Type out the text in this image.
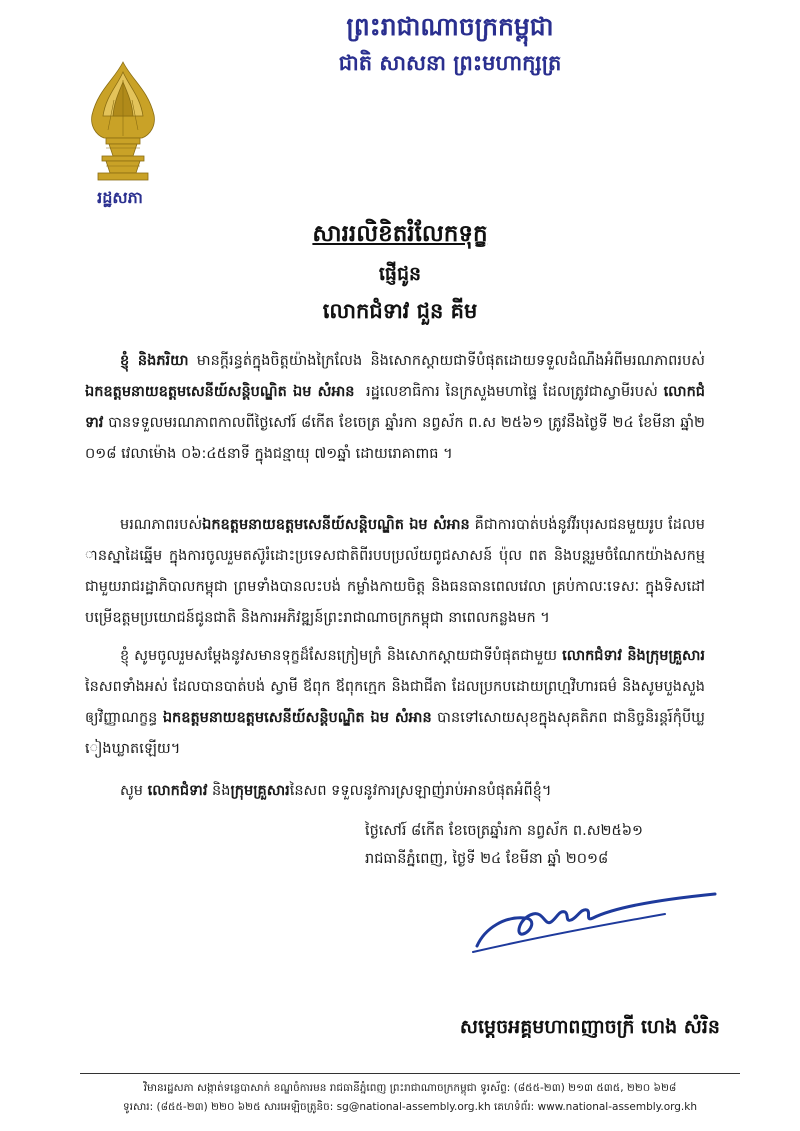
ព្រះរាជាណាចក្រកម្ពុជា
ជាតិ សាសនា ព្រះមហាក្សត្រ
រដ្ឋសភា
សាររលិខិតរំលែកទុក្ខ
ផ្ញើជូន
លោកជំទាវ ជួន គីម
ខ្ញុំ និងភរិយា មានក្តីរន្ធត់ក្នុងចិត្តយ៉ាងក្រៃលែង និងសោកស្តាយជាទីបំផុតដោយទទួលដំណឹងអំពីមរណភាពរបស់ ឯកឧត្តមនាយឧត្តមសេនីយ៍សន្តិបណ្ឌិត ឯម សំអាន ​ រដ្ឋលេខាធិការ នៃក្រសួងមហាផ្ទៃ ដែលត្រូវជាស្វាមីរបស់ លោកជំទាវ បានទទួលមរណភាពកាលពីថ្ងៃសៅរ៍ ៨កើត ខែចេត្រ ឆ្នាំរកា នព្វស័ក ព.ស ២៥៦១ ត្រូវនឹងថ្ងៃទី ២៤ ខែមីនា ឆ្នាំ២០១៨ វេលាម៉ោង ០៦:៤៥នាទី ក្នុងជន្មាយុ ៧១ឆ្នាំ ដោយរោគាពាធ ។
មរណភាពរបស់ឯកឧត្តមនាយឧត្តមសេនីយ៍សន្តិបណ្ឌិត ឯម សំអាន គឺជាការបាត់បង់នូវវីរបុរសជនមួយរូប ដែលមានស្នាដៃឆ្នើម ក្នុងការចូលរួមតស៊ូរំដោះប្រទេសជាតិពីរបបប្រល័យពូជសាសន៍ ប៉ុល ពត និងបន្តរួមចំណែកយ៉ាងសកម្មជាមួយរាជរដ្ឋាភិបាលកម្ពុជា ព្រមទាំងបានលះបង់ កម្លាំងកាយចិត្ត និងធនធានពេលវេលា គ្រប់កាលៈទេសៈ ក្នុងទិសដៅបម្រើឧត្តមប្រយោជន៍ជូនជាតិ និងការអភិវឌ្ឍន៍ព្រះរាជាណាចក្រកម្ពុជា នាពេលកន្លងមក ។
ខ្ញុំ សូមចូលរួមសម្តែងនូវសមានទុក្ខដ៏សែនក្រៀមក្រំ និងសោកស្តាយជាទីបំផុតជាមួយ លោកជំទាវ និងក្រុមគ្រួសារ នៃសពទាំងអស់ ដែលបានបាត់បង់ ស្វាមី ឪពុក ឪពុកក្មេក និងជាជីតា ដែលប្រកបដោយព្រហ្មវិហារធម៌ និងសូមបួងសួងឲ្យវិញ្ញាណក្ខន្ធ ឯកឧត្តមនាយឧត្តមសេនីយ៍សន្តិបណ្ឌិត ឯម សំអាន បានទៅសោយសុខក្នុងសុគតិភព ជានិច្ចនិរន្តរ៍កុំបីឃ្លៀងឃ្លាតឡើយ។
សូម លោកជំទាវ និងក្រុមគ្រួសារនៃសព ទទួលនូវការស្រឡាញ់រាប់អានបំផុតអំពីខ្ញុំ។
ថ្ងៃសៅរ៍ ៨កើត ខែចេត្រឆ្នាំរកា នព្វស័ក ព.ស២៥៦១
រាជធានីភ្នំពេញ, ថ្ងៃទី ២៤ ខែមីនា ឆ្នាំ ២០១៨
សម្តេចអគ្គមហាពញាចក្រី ហេង សំរិន
វិមានរដ្ឋសភា សង្កាត់ទន្លេបាសាក់ ខណ្ឌចំការមន រាជធានីភ្នំពេញ ព្រះរាជាណាចក្រកម្ពុជា ទូរស័ព្ទ: (៨៥៥-២៣) ២១៣ ៥៣៥, ២២០ ៦២៨
ទូរសារ: (៨៥៥-២៣) ២២០ ៦២៥ សារអេឡិចត្រូនិច: sg@national-assembly.org.kh គេហទំព័រ: www.national-assembly.org.kh
